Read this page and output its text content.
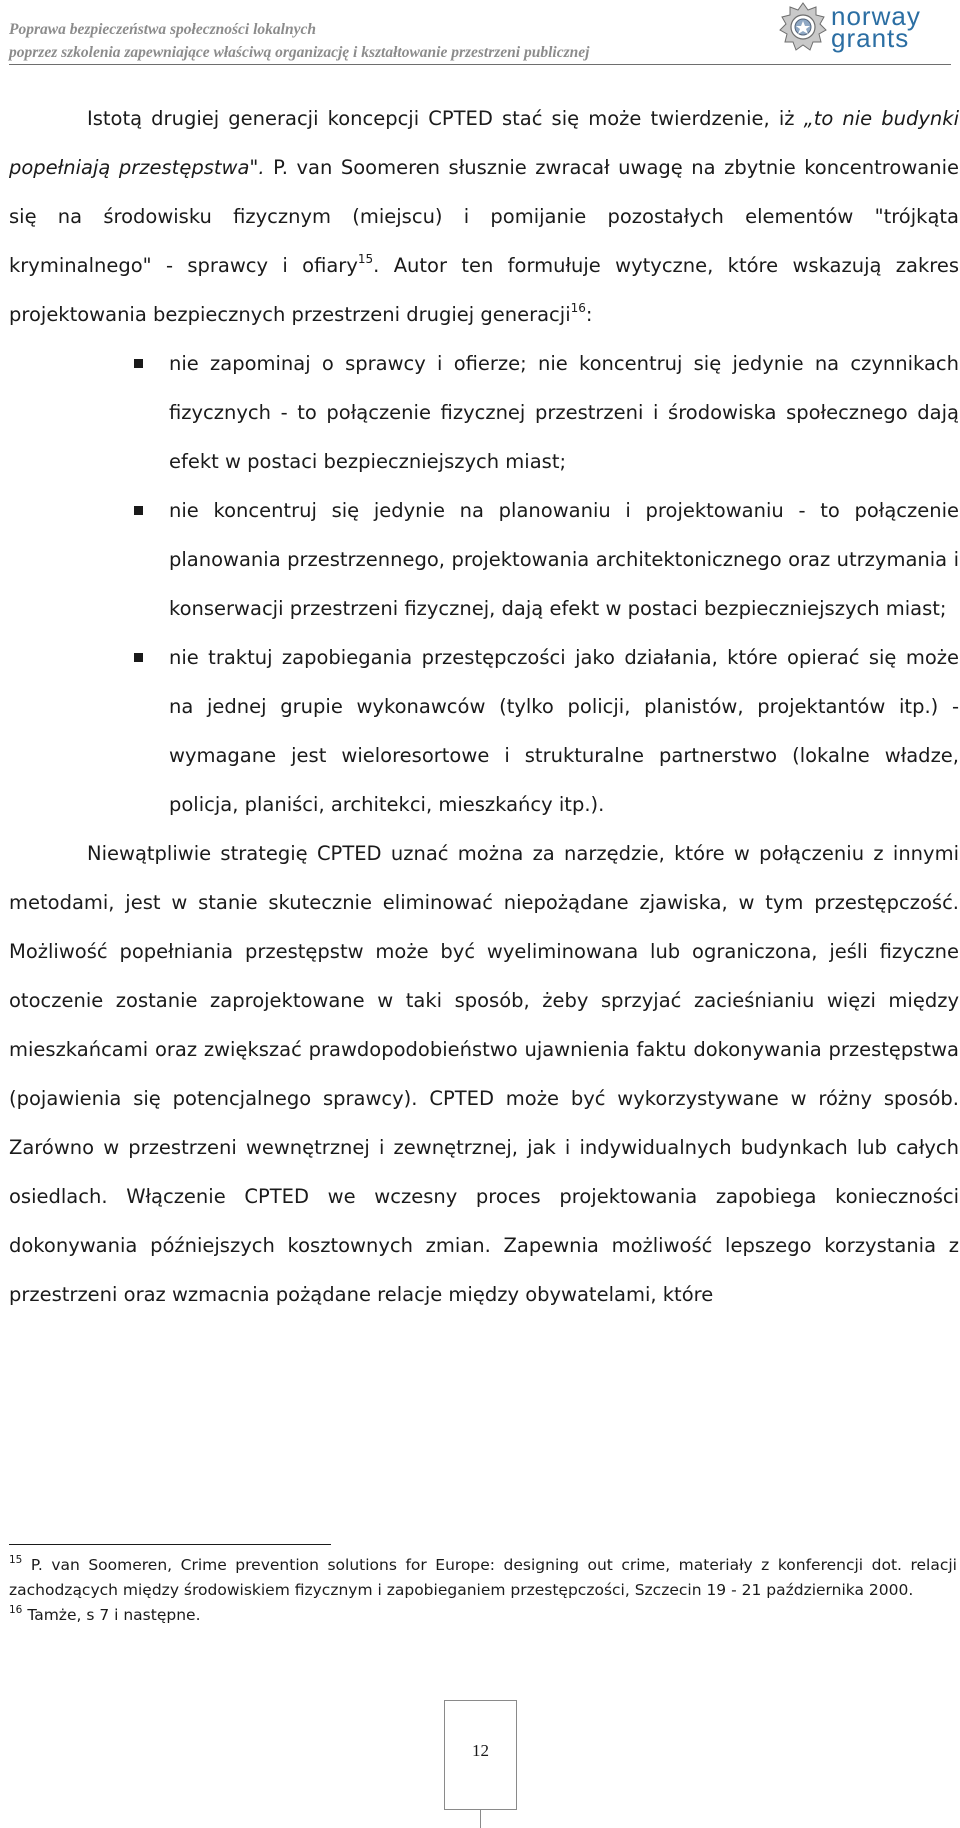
Poprawa bezpieczeństwa społeczności lokalnych
poprzez szkolenia zapewniające właściwą organizację i kształtowanie przestrzeni publicznej
norway
grants

Istotą drugiej generacji koncepcji CPTED stać się może twierdzenie, iż „to nie budynki popełniają przestępstwa". P. van Soomeren słusznie zwracał uwagę na zbytnie koncentrowanie się na środowisku fizycznym (miejscu) i pomijanie pozostałych elementów "trójkąta kryminalnego" - sprawcy i ofiary$^{15}$. Autor ten formułuje wytyczne, które wskazują zakres projektowania bezpiecznych przestrzeni drugiej generacji$^{16}$:

nie zapominaj o sprawcy i ofierze; nie koncentruj się jedynie na czynnikach fizycznych - to połączenie fizycznej przestrzeni i środowiska społecznego dają efekt w postaci bezpieczniejszych miast;
nie koncentruj się jedynie na planowaniu i projektowaniu - to połączenie planowania przestrzennego, projektowania architektonicznego oraz utrzymania i konserwacji przestrzeni fizycznej, dają efekt w postaci bezpieczniejszych miast;
nie traktuj zapobiegania przestępczości jako działania, które opierać się może na jednej grupie wykonawców (tylko policji, planistów, projektantów itp.) - wymagane jest wieloresortowe i strukturalne partnerstwo (lokalne władze, policja, planiści, architekci, mieszkańcy itp.).

Niewątpliwie strategię CPTED uznać można za narzędzie, które w połączeniu z innymi metodami, jest w stanie skutecznie eliminować niepożądane zjawiska, w tym przestępczość. Możliwość popełniania przestępstw może być wyeliminowana lub ograniczona, jeśli fizyczne otoczenie zostanie zaprojektowane w taki sposób, żeby sprzyjać zacieśnianiu więzi między mieszkańcami oraz zwiększać prawdopodobieństwo ujawnienia faktu dokonywania przestępstwa (pojawienia się potencjalnego sprawcy). CPTED może być wykorzystywane w różny sposób. Zarówno w przestrzeni wewnętrznej i zewnętrznej, jak i indywidualnych budynkach lub całych osiedlach. Włączenie CPTED we wczesny proces projektowania zapobiega konieczności dokonywania późniejszych kosztownych zmian. Zapewnia możliwość lepszego korzystania z przestrzeni oraz wzmacnia pożądane relacje między obywatelami, które

$^{15}$ P. van Soomeren, Crime prevention solutions for Europe: designing out crime, materiały z konferencji dot. relacji zachodzących między środowiskiem fizycznym i zapobieganiem przestępczości, Szczecin 19 - 21 października 2000.

$^{16}$ Tamże, s 7 i następne.

12
